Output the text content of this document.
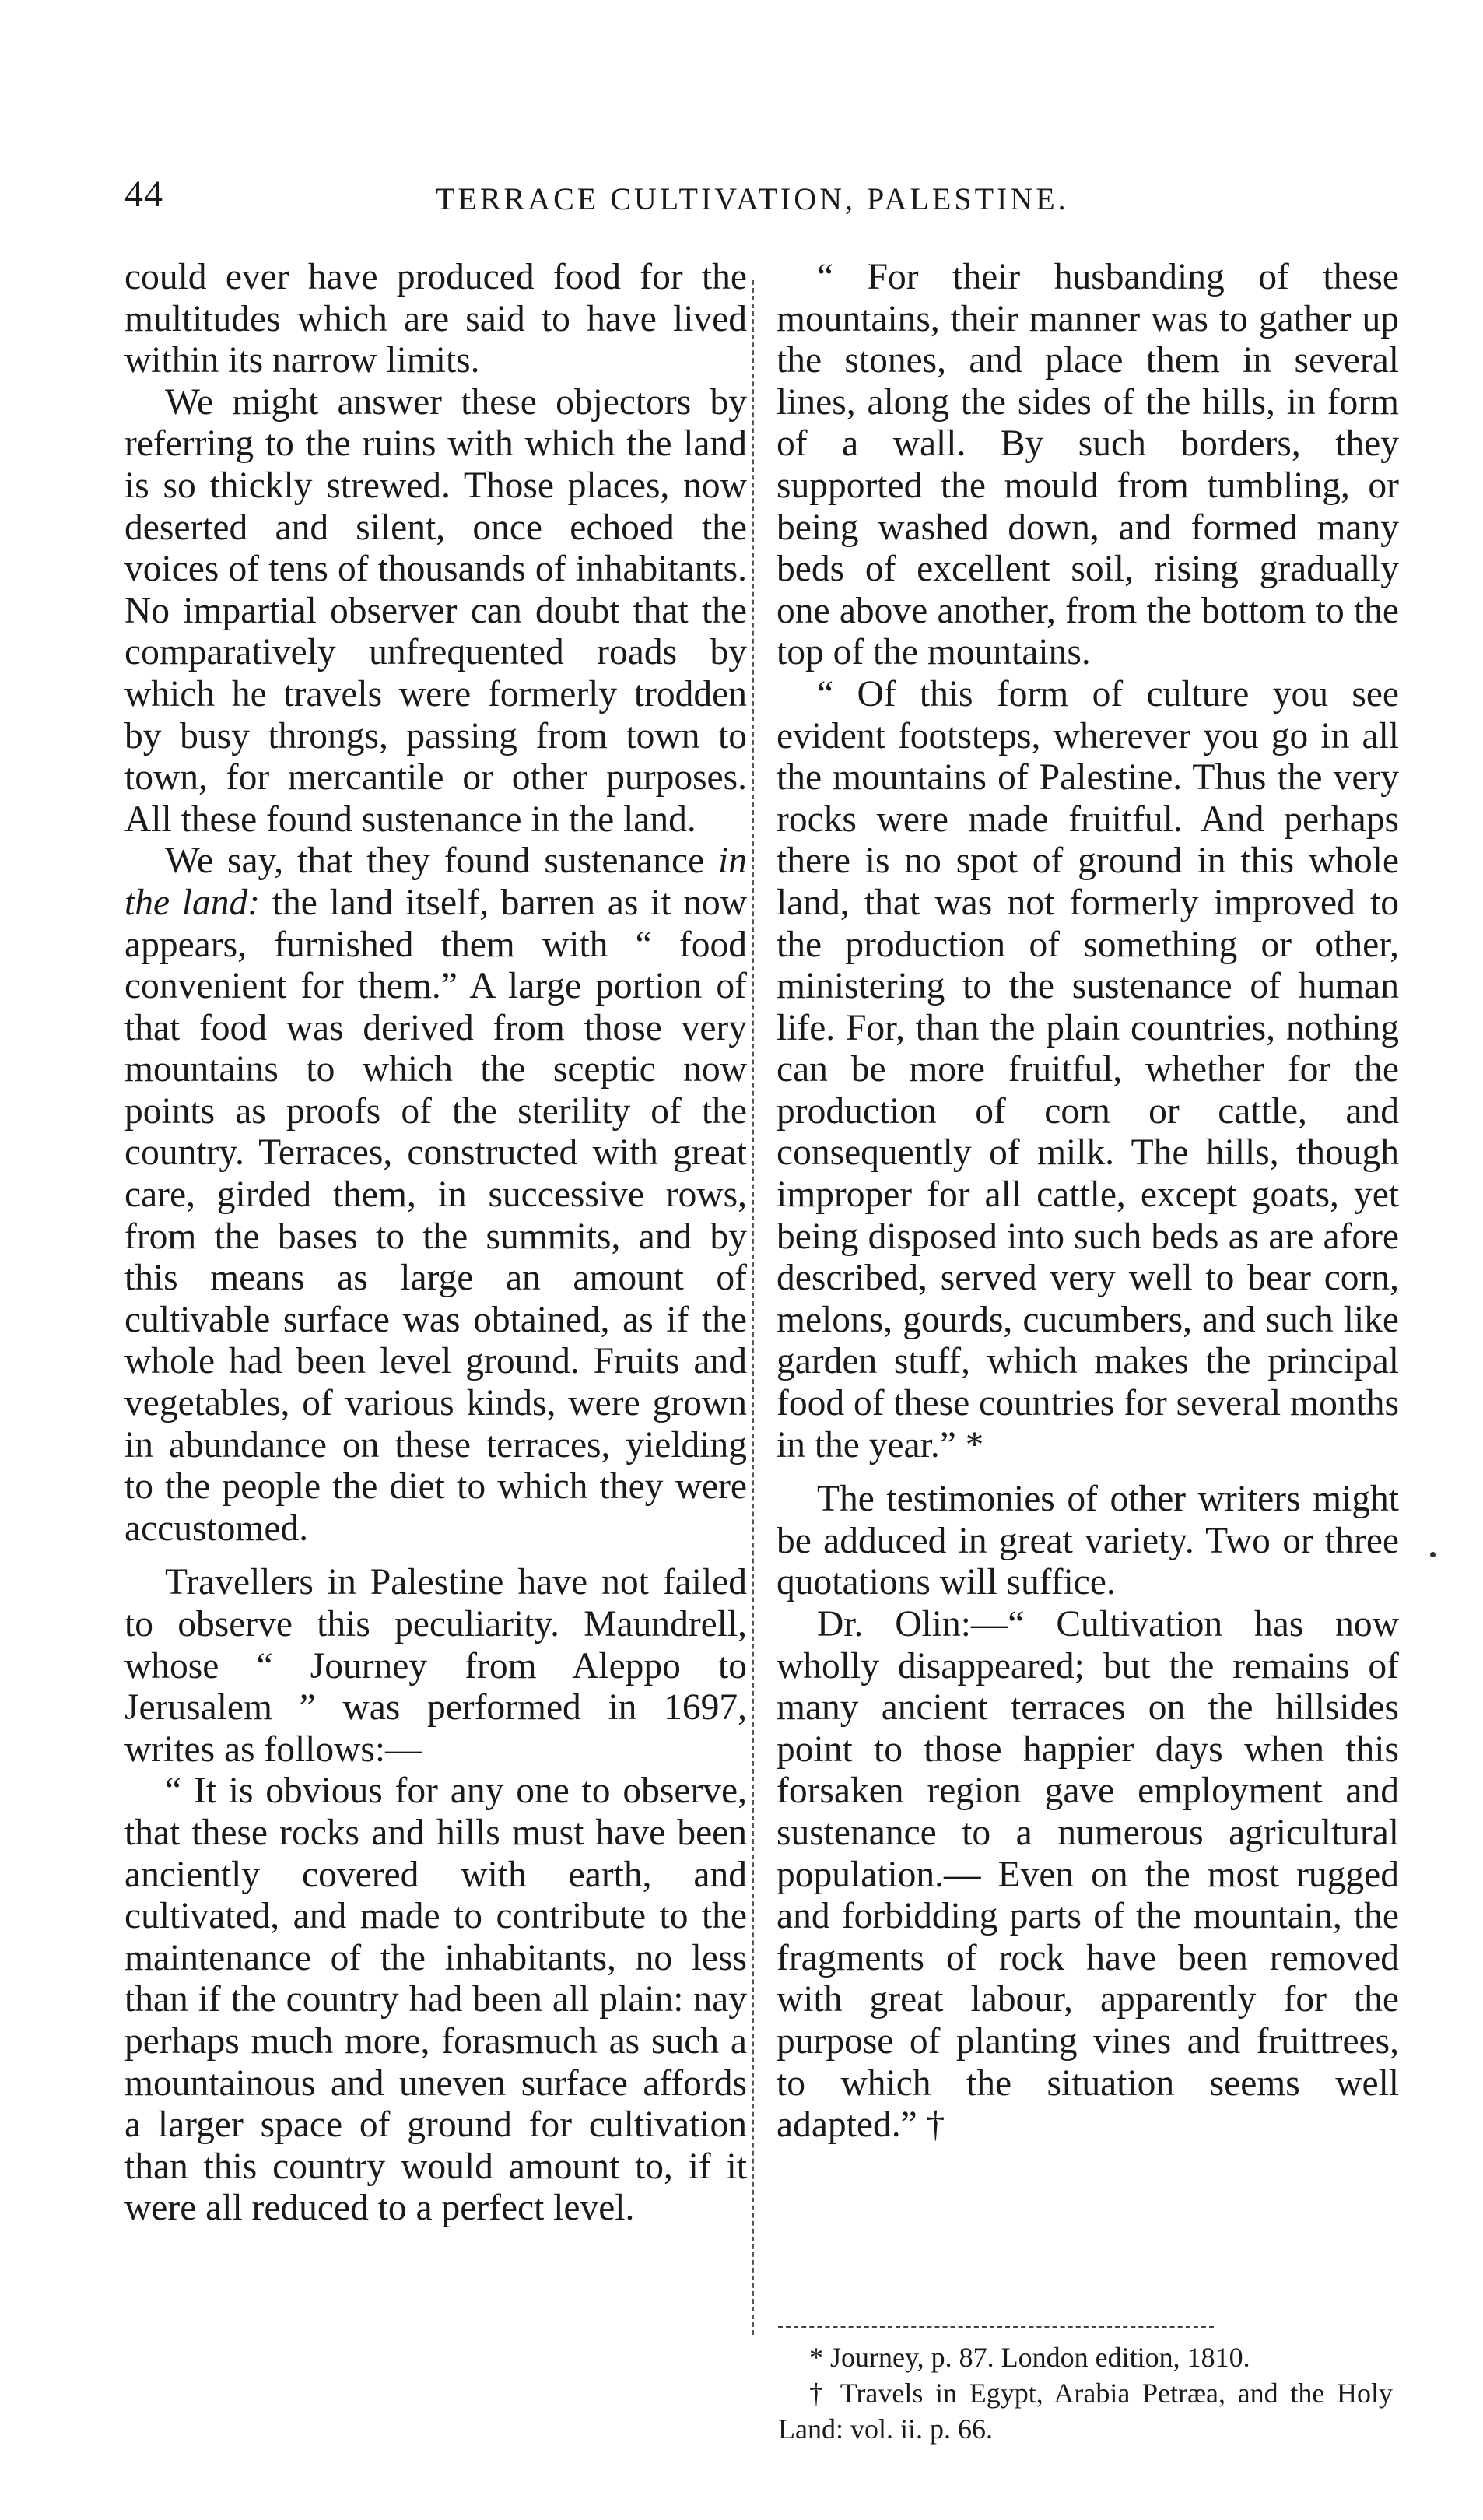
44	TERRACE CULTIVATION, PALESTINE.

could ever have produced food for the multitudes which are said to have lived within its narrow limits.

We might answer these objectors by referring to the ruins with which the land is so thickly strewed. Those places, now deserted and silent, once echoed the voices of tens of thousands of inhabitants. No impartial observer can doubt that the comparatively unfrequented roads by which he travels were formerly trodden by busy throngs, passing from town to town, for mercantile or other purposes. All these found sustenance in the land.

We say, that they found sustenance in the land: the land itself, barren as it now appears, furnished them with “ food convenient for them.” A large portion of that food was derived from those very mountains to which the sceptic now points as proofs of the sterility of the country. Terraces, constructed with great care, girded them, in successive rows, from the bases to the summits, and by this means as large an amount of cultivable surface was obtained, as if the whole had been level ground. Fruits and vegetables, of various kinds, were grown in abundance on these terraces, yielding to the people the diet to which they were accustomed.

Travellers in Palestine have not failed to observe this peculiarity. Maundrell, whose “ Journey from Aleppo to Jerusalem ” was performed in 1697, writes as follows:—

“ It is obvious for any one to observe, that these rocks and hills must have been anciently covered with earth, and cultivated, and made to contribute to the maintenance of the inhabitants, no less than if the country had been all plain: nay perhaps much more, forasmuch as such a mountainous and uneven surface affords a larger space of ground for cultivation than this country would amount to, if it were all reduced to a perfect level.

“ For their husbanding of these mountains, their manner was to gather up the stones, and place them in several lines, along the sides of the hills, in form of a wall. By such borders, they supported the mould from tumbling, or being washed down, and formed many beds of excellent soil, rising gradually one above another, from the bottom to the top of the mountains.

“ Of this form of culture you see evident footsteps, wherever you go in all the mountains of Palestine. Thus the very rocks were made fruitful. And perhaps there is no spot of ground in this whole land, that was not formerly improved to the production of something or other, ministering to the sustenance of human life. For, than the plain countries, nothing can be more fruitful, whether for the production of corn or cattle, and consequently of milk. The hills, though improper for all cattle, except goats, yet being disposed into such beds as are afore described, served very well to bear corn, melons, gourds, cucumbers, and such like garden stuff, which makes the principal food of these countries for several months in the year.” *

The testimonies of other writers might be adduced in great variety. Two or three quotations will suffice.

Dr. Olin:—“ Cultivation has now wholly disappeared; but the remains of many ancient terraces on the hillsides point to those happier days when this forsaken region gave employment and sustenance to a numerous agricultural population.— Even on the most rugged and forbidding parts of the mountain, the fragments of rock have been removed with great labour, apparently for the purpose of planting vines and fruittrees, to which the situation seems well adapted.” †

* Journey, p. 87. London edition, 1810.

† Travels in Egypt, Arabia Petræa, and the Holy Land: vol. ii. p. 66.
